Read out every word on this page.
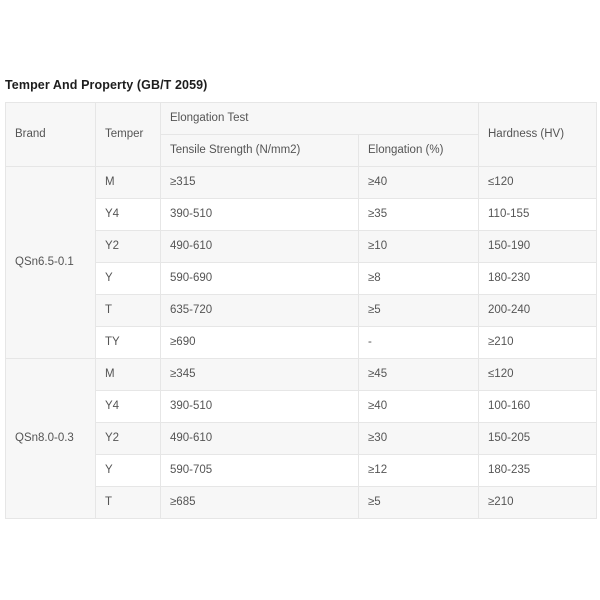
Temper And Property (GB/T 2059)
Brand	Temper	Elongation Test		Hardness (HV)
		Tensile Strength (N/mm2)	Elongation (%)	
QSn6.5-0.1	M	≥315	≥40	≤120
	Y4	390-510	≥35	110-155
	Y2	490-610	≥10	150-190
	Y	590-690	≥8	180-230
	T	635-720	≥5	200-240
	TY	≥690	-	≥210
QSn8.0-0.3	M	≥345	≥45	≤120
	Y4	390-510	≥40	100-160
	Y2	490-610	≥30	150-205
	Y	590-705	≥12	180-235
	T	≥685	≥5	≥210
